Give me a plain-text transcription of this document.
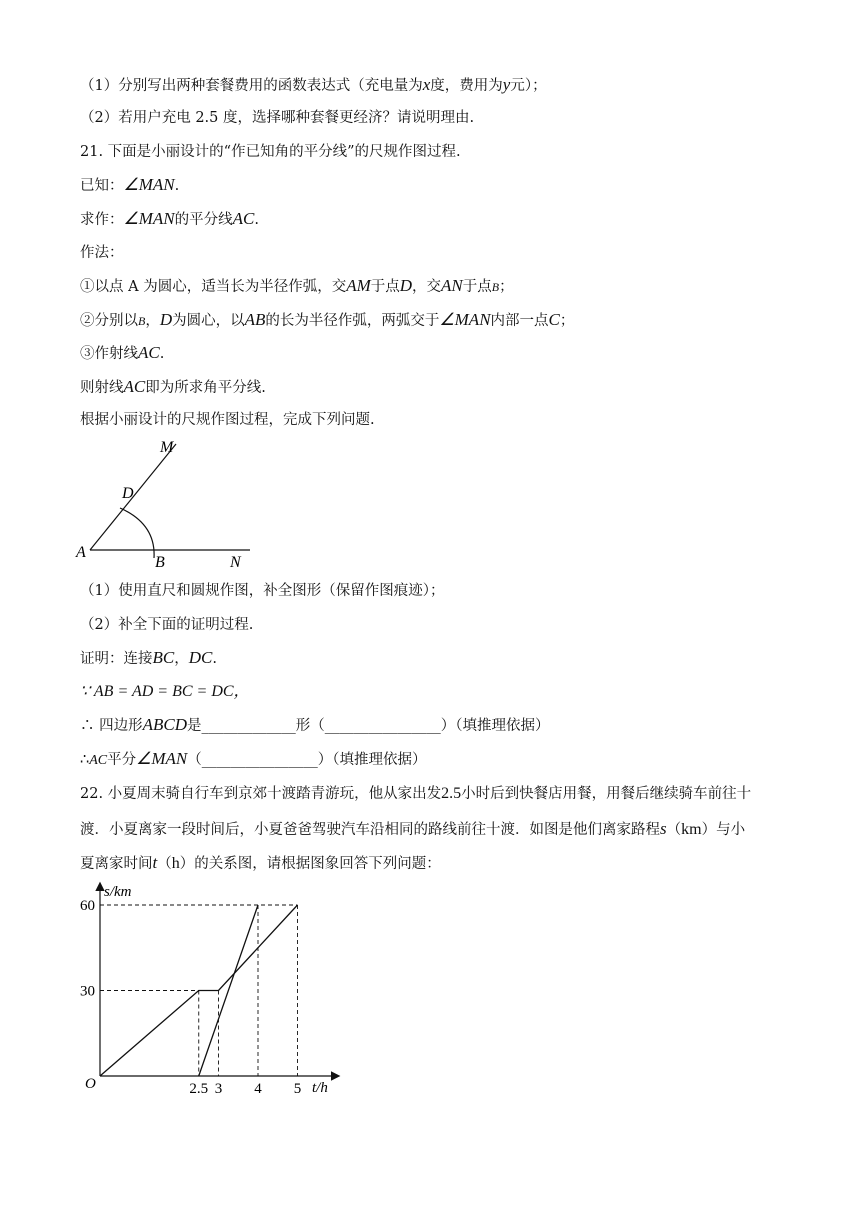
（1）分别写出两种套餐费用的函数表达式（充电量为x度，费用为y元）；
（2）若用户充电 2.5 度，选择哪种套餐更经济？请说明理由.
21. 下面是小丽设计的“作已知角的平分线”的尺规作图过程.
已知：∠MAN.
求作：∠MAN的平分线AC.
作法：
①以点 A 为圆心，适当长为半径作弧，交AM于点D，交AN于点B；
②分别以B，D为圆心，以AB的长为半径作弧，两弧交于∠MAN内部一点C；
③作射线AC.
则射线AC即为所求角平分线.
根据小丽设计的尺规作图过程，完成下列问题.
M
D
A
B	N
（1）使用直尺和圆规作图，补全图形（保留作图痕迹）；
（2）补全下面的证明过程.
证明：连接BC，DC.
∵ AB = AD = BC = DC，
∴ 四边形ABCD是_____________形（________________）（填推理依据）
∴AC平分∠MAN（________________）（填推理依据）
22. 小夏周末骑自行车到京郊十渡踏青游玩，他从家出发2.5小时后到快餐店用餐，用餐后继续骑车前往十
渡．小夏离家一段时间后，小夏爸爸驾驶汽车沿相同的路线前往十渡．如图是他们离家路程s（km）与小
夏离家时间t（h）的关系图，请根据图象回答下列问题：
2.5 3 4 5
30
60
s/km
t/h
O
